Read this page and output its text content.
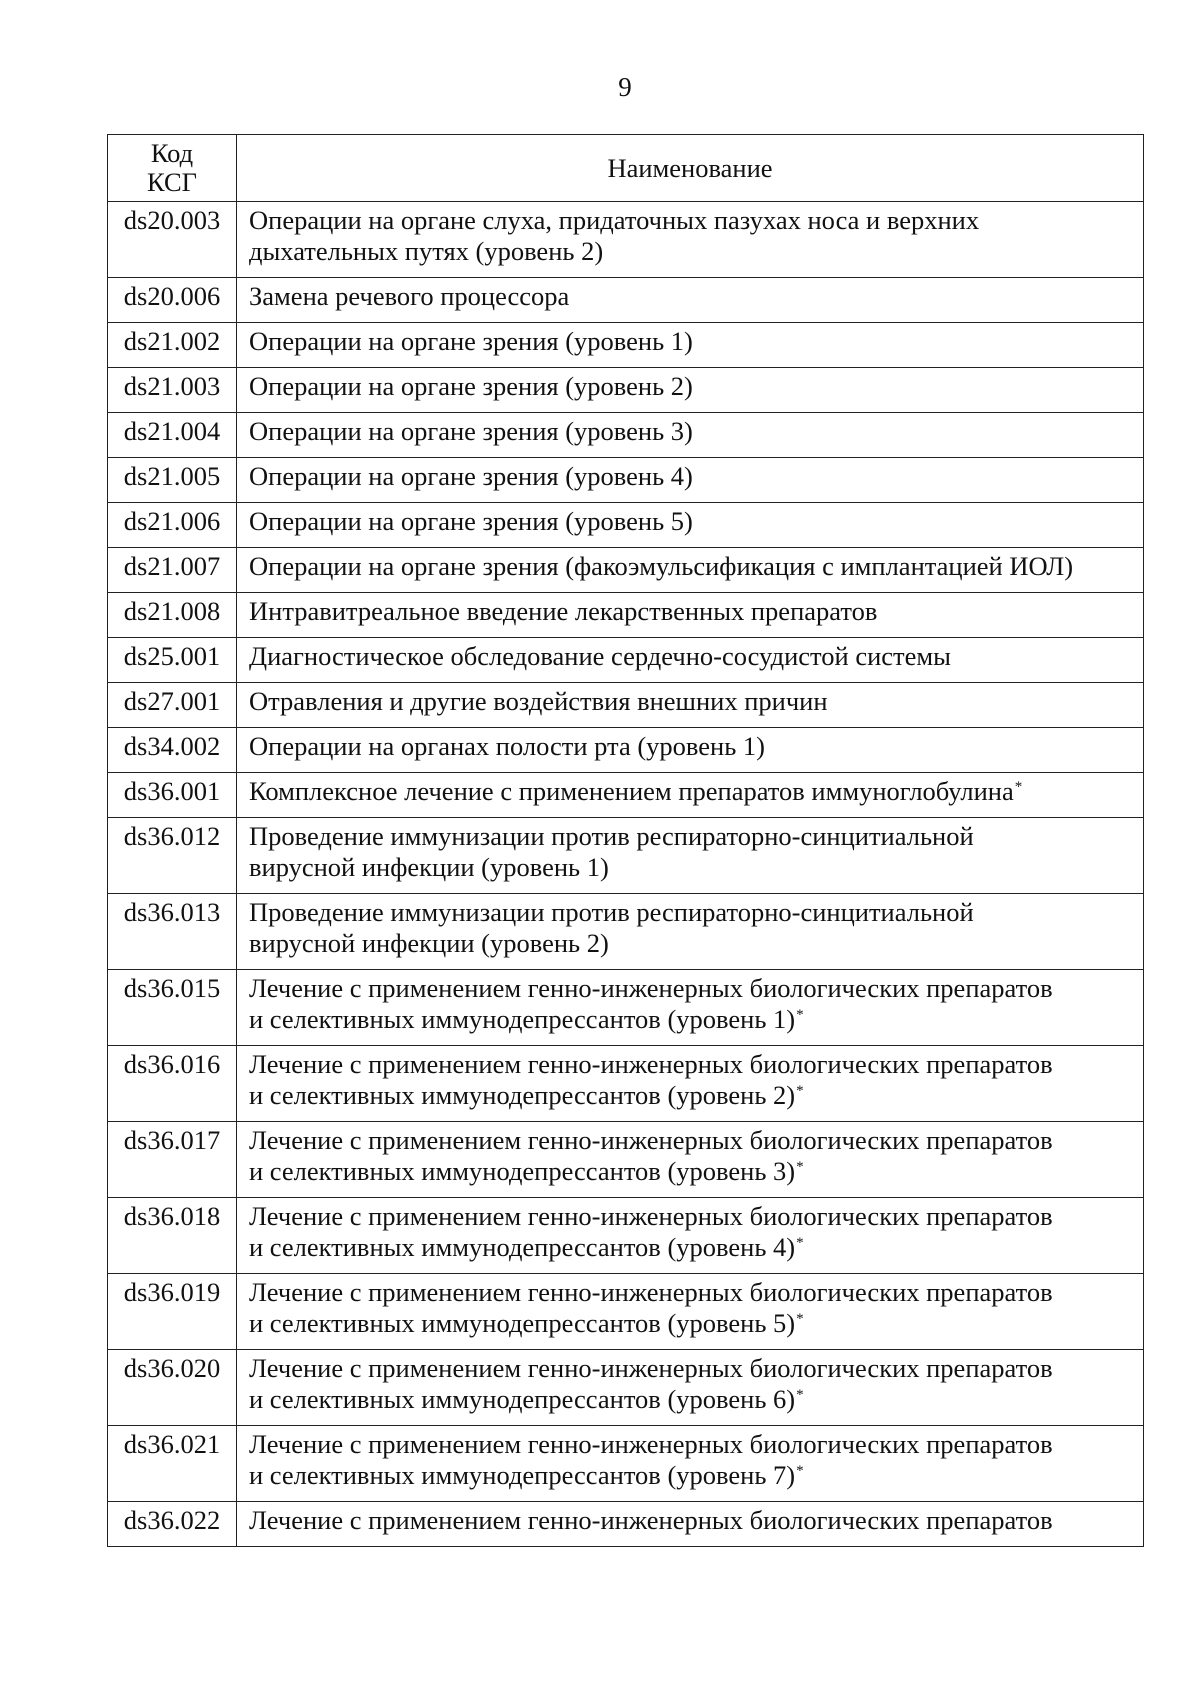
9
Код
КСГ	Наименование
ds20.003	Операции на органе слуха, придаточных пазухах носа и верхних
дыхательных путях (уровень 2)
ds20.006	Замена речевого процессора
ds21.002	Операции на органе зрения (уровень 1)
ds21.003	Операции на органе зрения (уровень 2)
ds21.004	Операции на органе зрения (уровень 3)
ds21.005	Операции на органе зрения (уровень 4)
ds21.006	Операции на органе зрения (уровень 5)
ds21.007	Операции на органе зрения (факоэмульсификация с имплантацией ИОЛ)
ds21.008	Интравитреальное введение лекарственных препаратов
ds25.001	Диагностическое обследование сердечно-сосудистой системы
ds27.001	Отравления и другие воздействия внешних причин
ds34.002	Операции на органах полости рта (уровень 1)
ds36.001	Комплексное лечение с применением препаратов иммуноглобулина*
ds36.012	Проведение иммунизации против респираторно-синцитиальной
вирусной инфекции (уровень 1)
ds36.013	Проведение иммунизации против респираторно-синцитиальной
вирусной инфекции (уровень 2)
ds36.015	Лечение с применением генно-инженерных биологических препаратов
и селективных иммунодепрессантов (уровень 1)*
ds36.016	Лечение с применением генно-инженерных биологических препаратов
и селективных иммунодепрессантов (уровень 2)*
ds36.017	Лечение с применением генно-инженерных биологических препаратов
и селективных иммунодепрессантов (уровень 3)*
ds36.018	Лечение с применением генно-инженерных биологических препаратов
и селективных иммунодепрессантов (уровень 4)*
ds36.019	Лечение с применением генно-инженерных биологических препаратов
и селективных иммунодепрессантов (уровень 5)*
ds36.020	Лечение с применением генно-инженерных биологических препаратов
и селективных иммунодепрессантов (уровень 6)*
ds36.021	Лечение с применением генно-инженерных биологических препаратов
и селективных иммунодепрессантов (уровень 7)*
ds36.022	Лечение с применением генно-инженерных биологических препаратов
